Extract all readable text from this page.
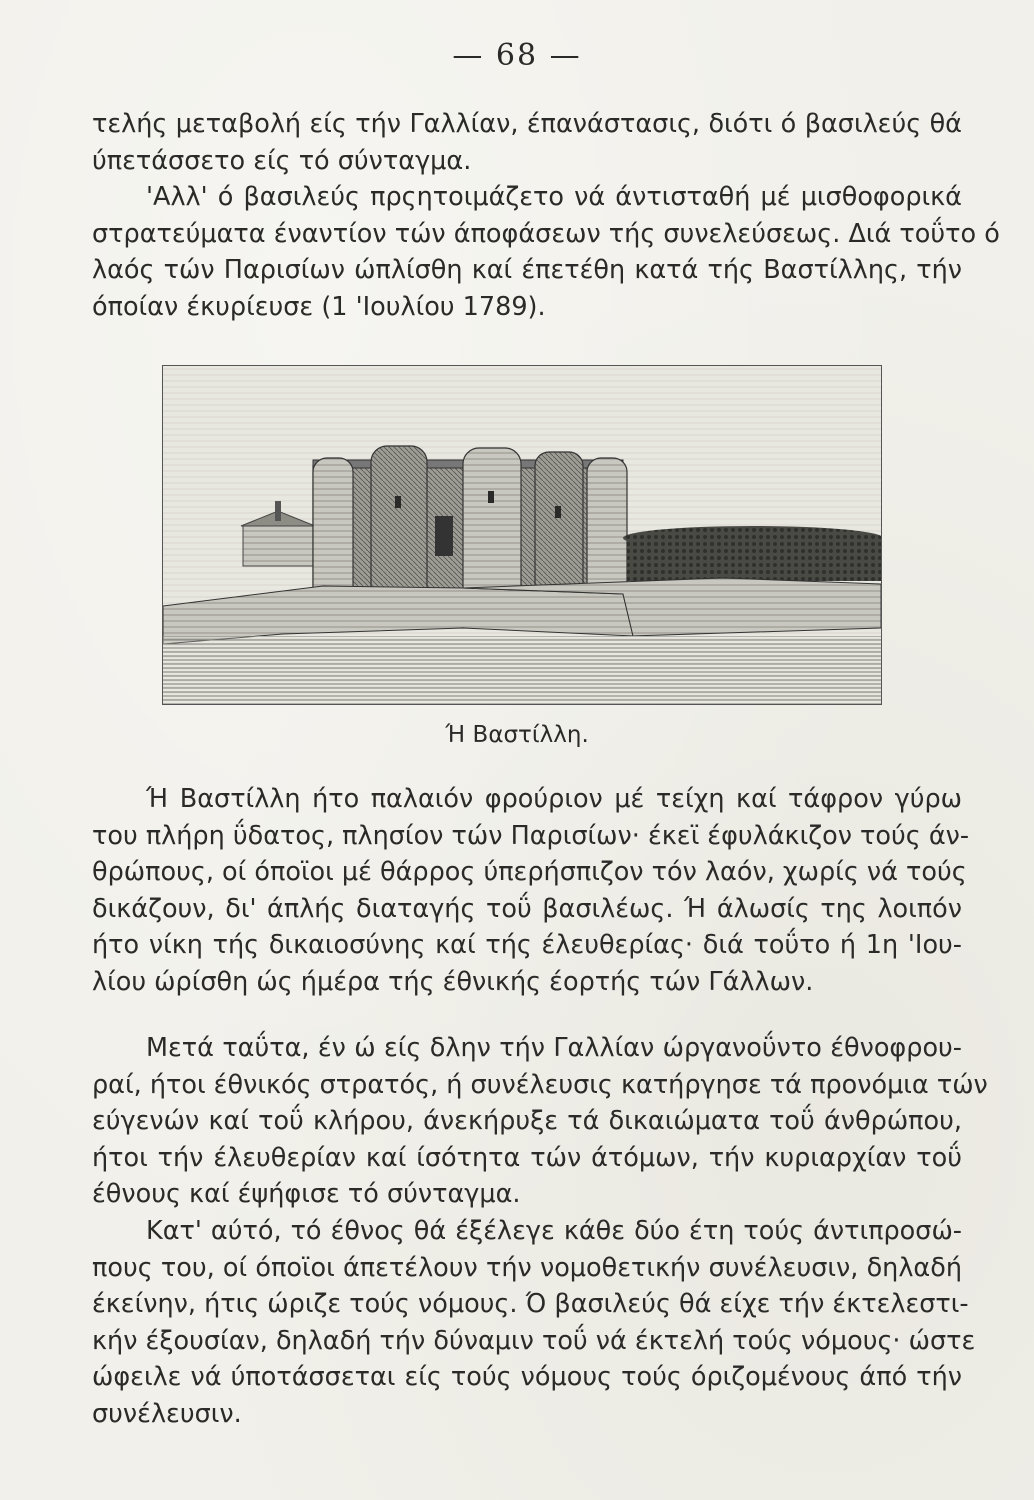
— 68 —
τελής μεταβολή είς τήν Γαλλίαν, έπανάστασις, διότι ό βασιλεύς θά
ύπετάσσετο είς τό σύνταγμα.
'Αλλ' ό βασιλεύς πρςητοιμάζετο νά άντισταθή μέ μισθοφορικά
στρατεύματα έναντίον τών άποφάσεων τής συνελεύσεως. Διά τοΰτο ό
λαός τών Παρισίων ώπλίσθη καί έπετέθη κατά τής Βαστίλλης, τήν
όποίαν έκυρίευσε (1 'Ιουλίου 1789).
Ή Βαστίλλη.
Ή Βαστίλλη ήτο παλαιόν φρούριον μέ τείχη καί τάφρον γύρω
του πλήρη ΰδατος, πλησίον τών Παρισίων· έκεϊ έφυλάκιζον τούς άν-
θρώπους, οί όποϊοι μέ θάρρος ύπερήσπιζον τόν λαόν, χωρίς νά τούς
δικάζουν, δι' άπλής διαταγής τοΰ βασιλέως. Ή άλωσίς της λοιπόν
ήτο νίκη τής δικαιοσύνης καί τής έλευθερίας· διά τοΰτο ή 1η 'Ιου-
λίου ώρίσθη ώς ήμέρα τής έθνικής έορτής τών Γάλλων.
Μετά ταΰτα, έν ώ είς δλην τήν Γαλλίαν ώργανοΰντο έθνοφρου-
ραί, ήτοι έθνικός στρατός, ή συνέλευσις κατήργησε τά προνόμια τών
εύγενών καί τοΰ κλήρου, άνεκήρυξε τά δικαιώματα τοΰ άνθρώπου,
ήτοι τήν έλευθερίαν καί ίσότητα τών άτόμων, τήν κυριαρχίαν τοΰ
έθνους καί έψήφισε τό σύνταγμα.
Κατ' αύτό, τό έθνος θά έξέλεγε κάθε δύο έτη τούς άντιπροσώ-
πους του, οί όποϊοι άπετέλουν τήν νομοθετικήν συνέλευσιν, δηλαδή
έκείνην, ήτις ώριζε τούς νόμους. Ό βασιλεύς θά είχε τήν έκτελεστι-
κήν έξουσίαν, δηλαδή τήν δύναμιν τοΰ νά έκτελή τούς νόμους· ώστε
ώφειλε νά ύποτάσσεται είς τούς νόμους τούς όριζομένους άπό τήν
συνέλευσιν.
